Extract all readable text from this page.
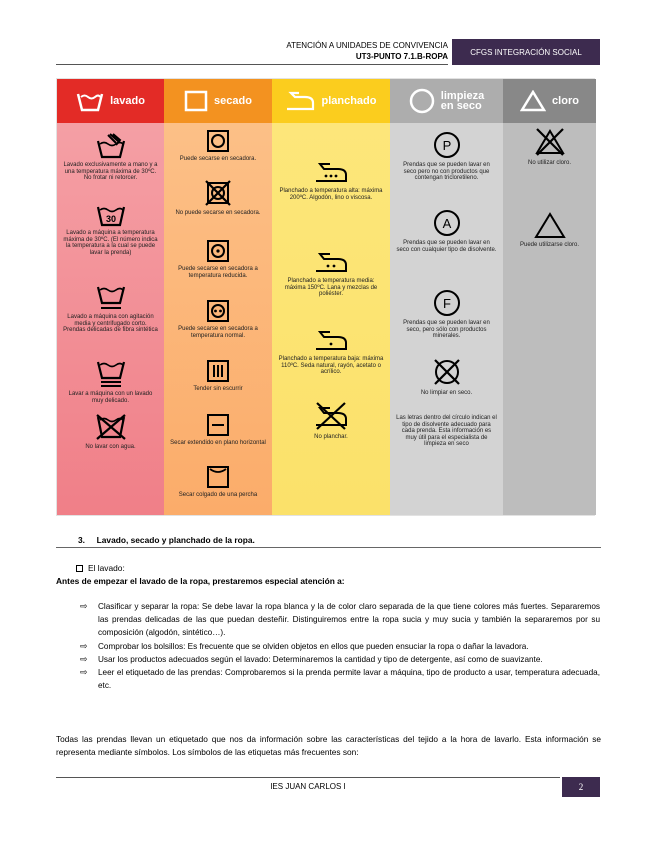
ATENCIÓN A UNIDADES DE CONVIVENCIA
UT3-PUNTO 7.1.B-ROPA	CFGS INTEGRACIÓN SOCIAL
lavado
Lavado exclusivamente a mano y a una temperatura máxima de 30ºC. No frotar ni retorcer.
30
Lavado a máquina a temperatura máxima de 30ºC. (El número indica la temperatura a la cual se puede lavar la prenda)
Lavado a máquina con agitación media y centrifugado corto. Prendas delicadas de fibra sintética
Lavar a máquina con un lavado muy delicado.
No lavar con agua.
secado
Puede secarse en secadora.
No puede secarse en secadora.
Puede secarse en secadora a temperatura reducida.
Puede secarse en secadora a temperatura normal.
Tender sin escurrir
Secar extendido en plano horizontal
Secar colgado de una percha
planchado
Planchado a temperatura alta: máxima 200ºC. Algodón, lino o viscosa.
Planchado a temperatura media: máxima 150ºC. Lana y mezclas de poliéster.
Planchado a temperatura baja: máxima 110ºC. Seda natural, rayón, acetato o acrílico.
No planchar.
limpieza
en seco
P
Prendas que se pueden lavar en seco pero no con productos que contengan tricloretileno.
A
Prendas que se pueden lavar en seco con cualquier tipo de disolvente.
F
Prendas que se pueden lavar en seco, pero sólo con productos minerales.
No limpiar en seco.
Las letras dentro del círculo indican el tipo de disolvente adecuado para cada prenda. Esta información es muy útil para el especialista de limpieza en seco
cloro
No utilizar cloro.
Puede utilizarse cloro.
3. Lavado, secado y planchado de la ropa.
El lavado:
Antes de empezar el lavado de la ropa, prestaremos especial atención a:
⇨ Clasificar y separar la ropa: Se debe lavar la ropa blanca y la de color claro separada de la que tiene colores más fuertes. Separaremos las prendas delicadas de las que puedan desteñir. Distinguiremos entre la ropa sucia y muy sucia y también la separaremos por su composición (algodón, sintético…).
⇨ Comprobar los bolsillos: Es frecuente que se olviden objetos en ellos que pueden ensuciar la ropa o dañar la lavadora.
⇨ Usar los productos adecuados según el lavado: Determinaremos la cantidad y tipo de detergente, así como de suavizante.
⇨ Leer el etiquetado de las prendas: Comprobaremos si la prenda permite lavar a máquina, tipo de producto a usar, temperatura adecuada, etc.
Todas las prendas llevan un etiquetado que nos da información sobre las características del tejido a la hora de lavarlo. Esta información se representa mediante símbolos. Los símbolos de las etiquetas más frecuentes son:
IES JUAN CARLOS I	2
